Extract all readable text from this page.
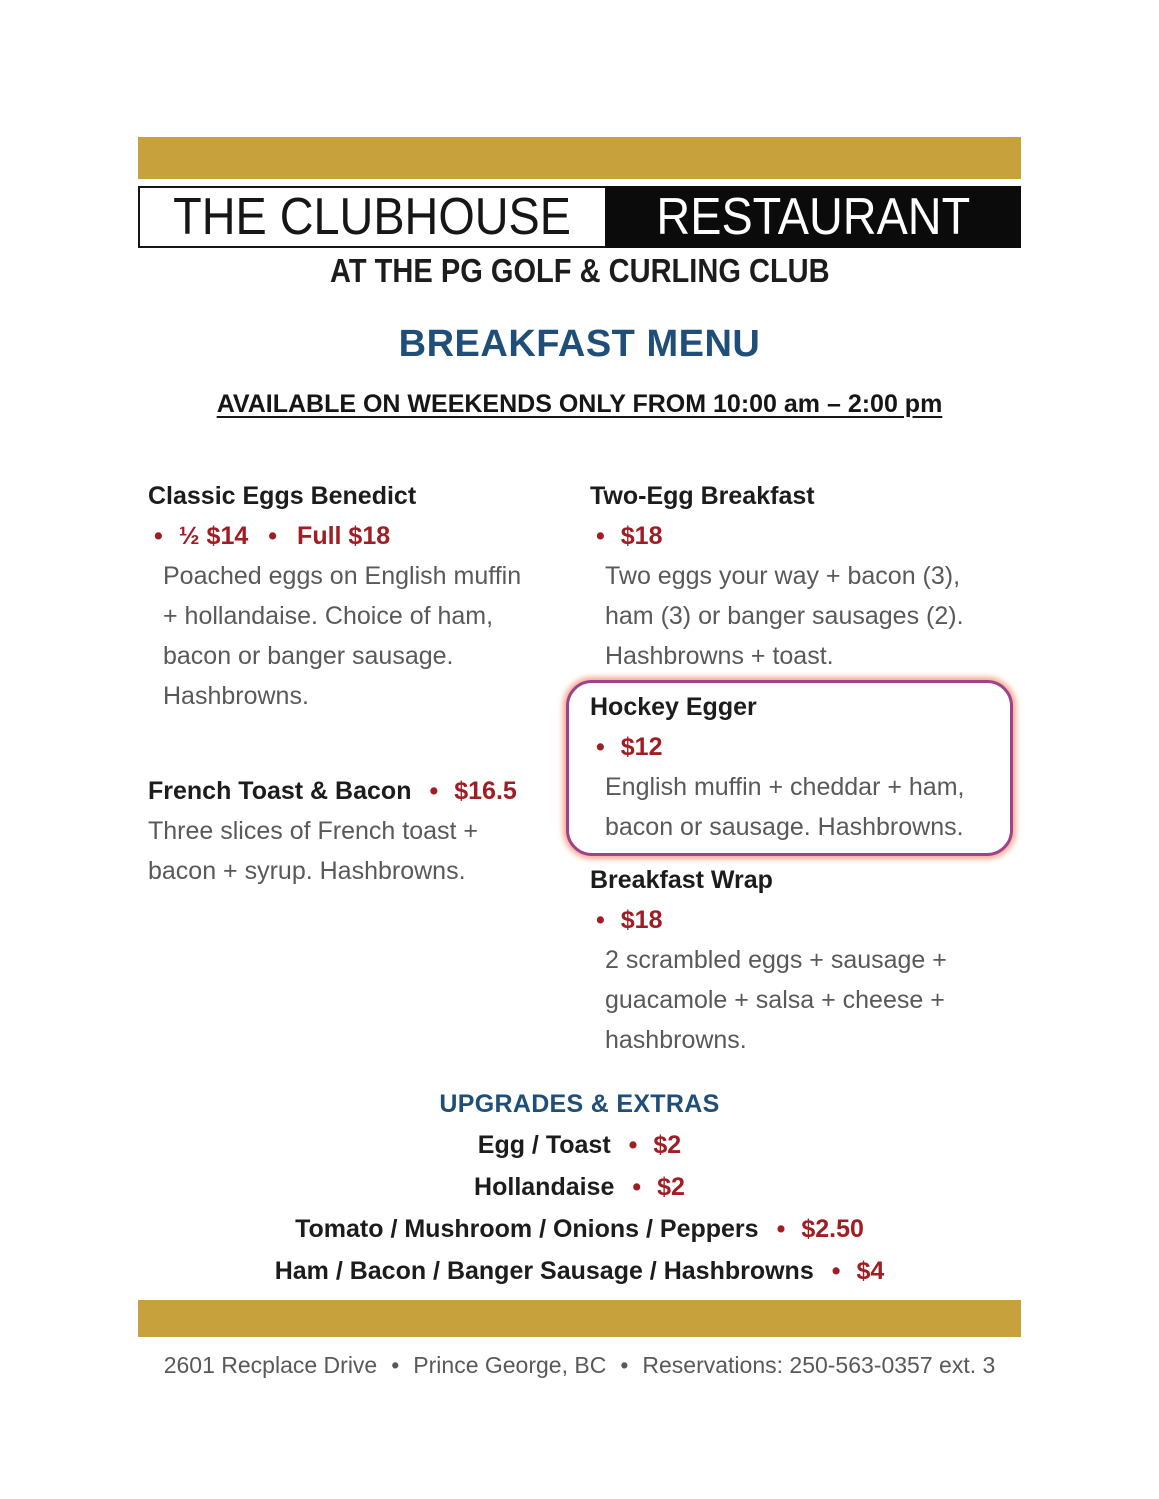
THE CLUBHOUSE RESTAURANT
AT THE PG GOLF & CURLING CLUB
BREAKFAST MENU
AVAILABLE ON WEEKENDS ONLY FROM 10:00 am – 2:00 pm
Classic Eggs Benedict
• ½ $14 • Full $18
Poached eggs on English muffin
+ hollandaise. Choice of ham,
bacon or banger sausage.
Hashbrowns.
French Toast & Bacon • $16.5
Three slices of French toast +
bacon + syrup. Hashbrowns.
Two-Egg Breakfast
• $18
Two eggs your way + bacon (3),
ham (3) or banger sausages (2).
Hashbrowns + toast.
Hockey Egger
• $12
English muffin + cheddar + ham,
bacon or sausage. Hashbrowns.
Breakfast Wrap
• $18
2 scrambled eggs + sausage +
guacamole + salsa + cheese +
hashbrowns.
UPGRADES & EXTRAS
Egg / Toast • $2
Hollandaise • $2
Tomato / Mushroom / Onions / Peppers • $2.50
Ham / Bacon / Banger Sausage / Hashbrowns • $4
2601 Recplace Drive • Prince George, BC • Reservations: 250-563-0357 ext. 3
